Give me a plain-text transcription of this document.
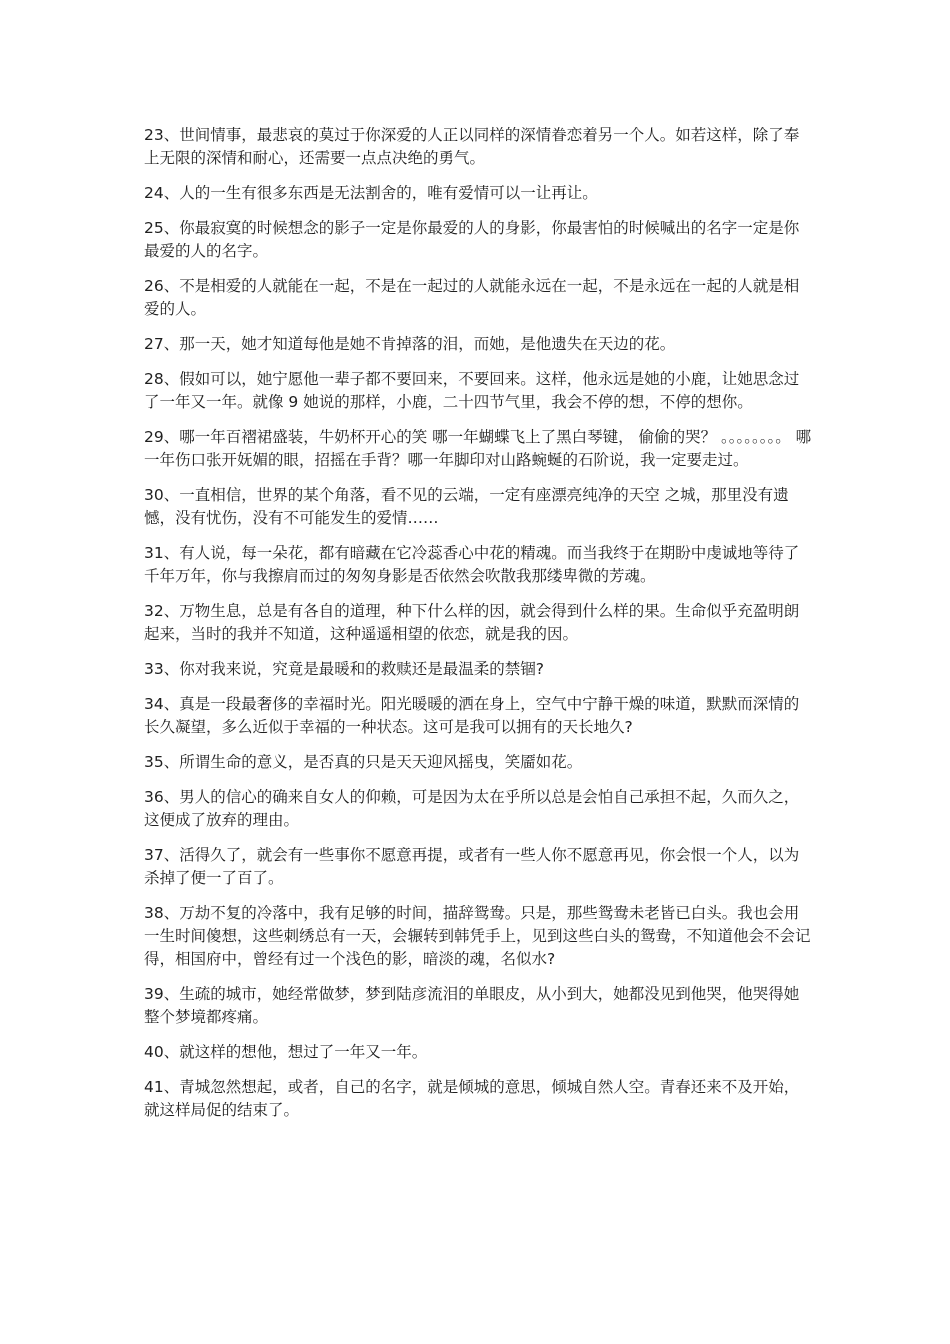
23、世间情事，最悲哀的莫过于你深爱的人正以同样的深情眷恋着另一个人。如若这样，除了奉上无限的深情和耐心，还需要一点点决绝的勇气。

24、人的一生有很多东西是无法割舍的，唯有爱情可以一让再让。

25、你最寂寞的时候想念的影子一定是你最爱的人的身影，你最害怕的时候喊出的名字一定是你最爱的人的名字。

26、不是相爱的人就能在一起，不是在一起过的人就能永远在一起，不是永远在一起的人就是相爱的人。

27、那一天，她才知道每他是她不肯掉落的泪，而她，是他遗失在天边的花。

28、假如可以，她宁愿他一辈子都不要回来，不要回来。这样，他永远是她的小鹿，让她思念过了一年又一年。就像 9 她说的那样，小鹿，二十四节气里，我会不停的想，不停的想你。

29、哪一年百褶裙盛装，牛奶杯开心的笑 哪一年蝴蝶飞上了黑白琴键， 偷偷的哭？ 。。。。。。。。 哪一年伤口张开妩媚的眼，招摇在手背？哪一年脚印对山路蜿蜒的石阶说，我一定要走过。

30、一直相信，世界的某个角落，看不见的云端，一定有座漂亮纯净的天空 之城，那里没有遗憾，没有忧伤，没有不可能发生的爱情……

31、有人说，每一朵花，都有暗藏在它冷蕊香心中花的精魂。而当我终于在期盼中虔诚地等待了千年万年，你与我擦肩而过的匆匆身影是否依然会吹散我那缕卑微的芳魂。

32、万物生息，总是有各自的道理，种下什么样的因，就会得到什么样的果。生命似乎充盈明朗起来，当时的我并不知道，这种遥遥相望的依恋，就是我的因。

33、你对我来说，究竟是最暖和的救赎还是最温柔的禁锢?

34、真是一段最奢侈的幸福时光。阳光暖暖的洒在身上，空气中宁静干燥的味道，默默而深情的长久凝望，多么近似于幸福的一种状态。这可是我可以拥有的天长地久?

35、所谓生命的意义，是否真的只是天天迎风摇曳，笑靥如花。

36、男人的信心的确来自女人的仰赖，可是因为太在乎所以总是会怕自己承担不起，久而久之，这便成了放弃的理由。

37、活得久了，就会有一些事你不愿意再提，或者有一些人你不愿意再见，你会恨一个人，以为杀掉了便一了百了。

38、万劫不复的冷落中，我有足够的时间，描辞鸳鸯。只是，那些鸳鸯未老皆已白头。我也会用一生时间傻想，这些刺绣总有一天，会辗转到韩凭手上，见到这些白头的鸳鸯，不知道他会不会记得，相国府中，曾经有过一个浅色的影，暗淡的魂，名似水?

39、生疏的城市，她经常做梦，梦到陆彦流泪的单眼皮，从小到大，她都没见到他哭，他哭得她整个梦境都疼痛。

40、就这样的想他，想过了一年又一年。

41、青城忽然想起，或者，自己的名字，就是倾城的意思，倾城自然人空。青春还来不及开始，就这样局促的结束了。
